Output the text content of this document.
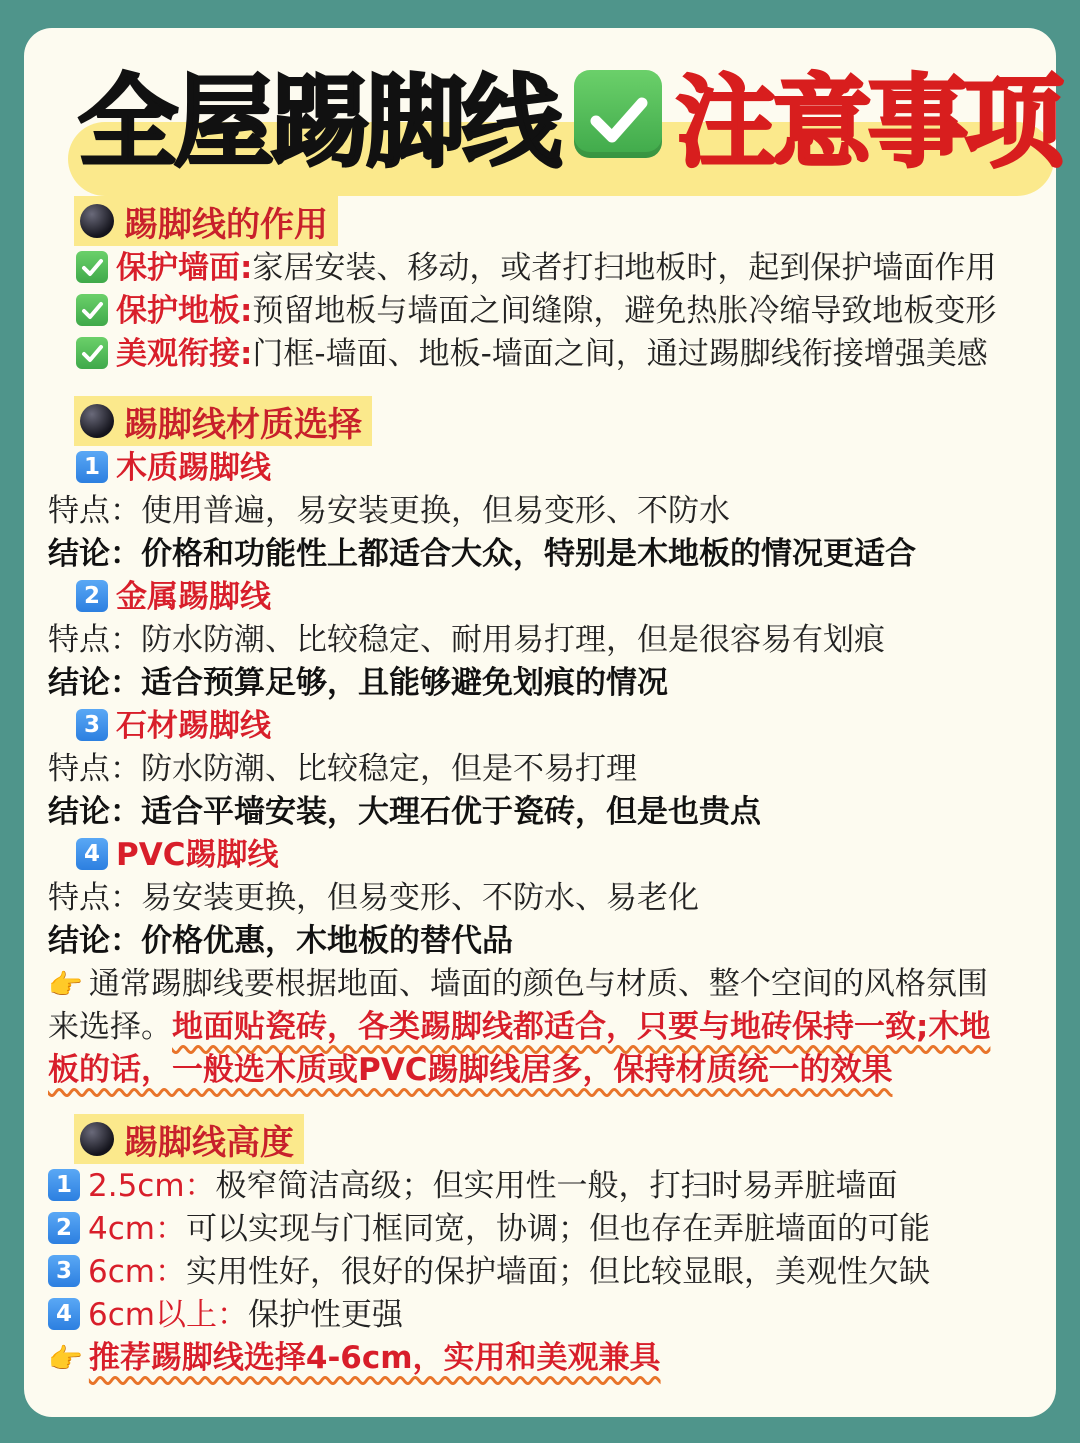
全屋踢脚线 注意事项
踢脚线的作用
保护墙面:家居安装、移动，或者打扫地板时，起到保护墙面作用
保护地板:预留地板与墙面之间缝隙，避免热胀冷缩导致地板变形
美观衔接:门框-墙面、地板-墙面之间，通过踢脚线衔接增强美感
踢脚线材质选择
1 木质踢脚线
特点：使用普遍，易安装更换，但易变形、不防水
结论：价格和功能性上都适合大众，特别是木地板的情况更适合
2 金属踢脚线
特点：防水防潮、比较稳定、耐用易打理，但是很容易有划痕
结论：适合预算足够，且能够避免划痕的情况
3 石材踢脚线
特点：防水防潮、比较稳定，但是不易打理
结论：适合平墙安装，大理石优于瓷砖，但是也贵点
4 PVC踢脚线
特点：易安装更换，但易变形、不防水、易老化
结论：价格优惠，木地板的替代品
👉 通常踢脚线要根据地面、墙面的颜色与材质、整个空间的风格氛围
来选择。地面贴瓷砖，各类踢脚线都适合，只要与地砖保持一致;木地
板的话，一般选木质或PVC踢脚线居多，保持材质统一的效果
踢脚线高度
1 2.5cm：极窄简洁高级；但实用性一般，打扫时易弄脏墙面
2 4cm：可以实现与门框同宽，协调；但也存在弄脏墙面的可能
3 6cm：实用性好，很好的保护墙面；但比较显眼，美观性欠缺
4 6cm以上：保护性更强
👉 推荐踢脚线选择4-6cm，实用和美观兼具
